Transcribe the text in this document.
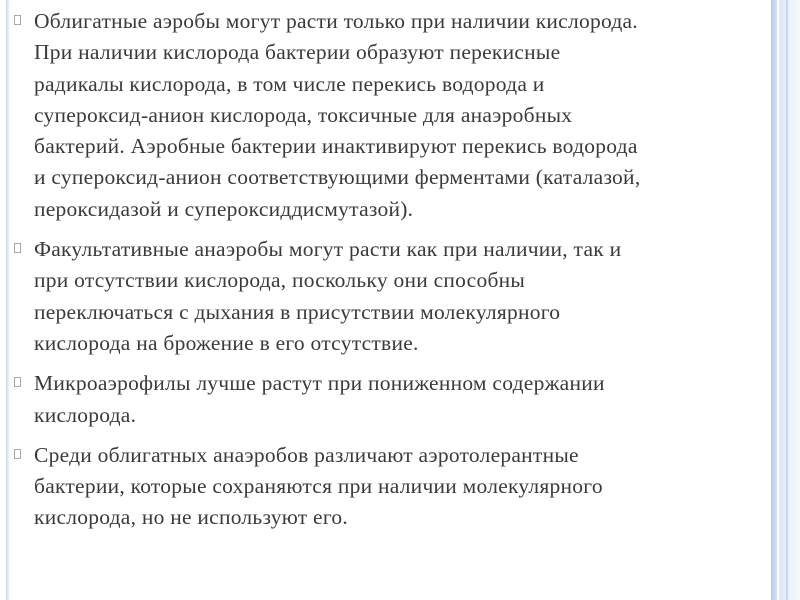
Облигатные аэробы могут расти только при наличии кислорода.
При наличии кислорода бактерии образуют перекисные
радикалы кислорода, в том числе перекись водорода и
супероксид-анион кислорода, токсичные для анаэробных
бактерий. Аэробные бактерии инактивируют перекись водорода
и супероксид-анион соответствующими ферментами (каталазой,
пероксидазой и супероксиддисмутазой).
Факультативные анаэробы могут расти как при наличии, так и
при отсутствии кислорода, поскольку они способны
переключаться с дыхания в присутствии молекулярного
кислорода на брожение в его отсутствие.
Микроаэрофилы лучше растут при пониженном содержании
кислорода.
Среди облигатных анаэробов различают аэротолерантные
бактерии, которые сохраняются при наличии молекулярного
кислорода, но не используют его.
